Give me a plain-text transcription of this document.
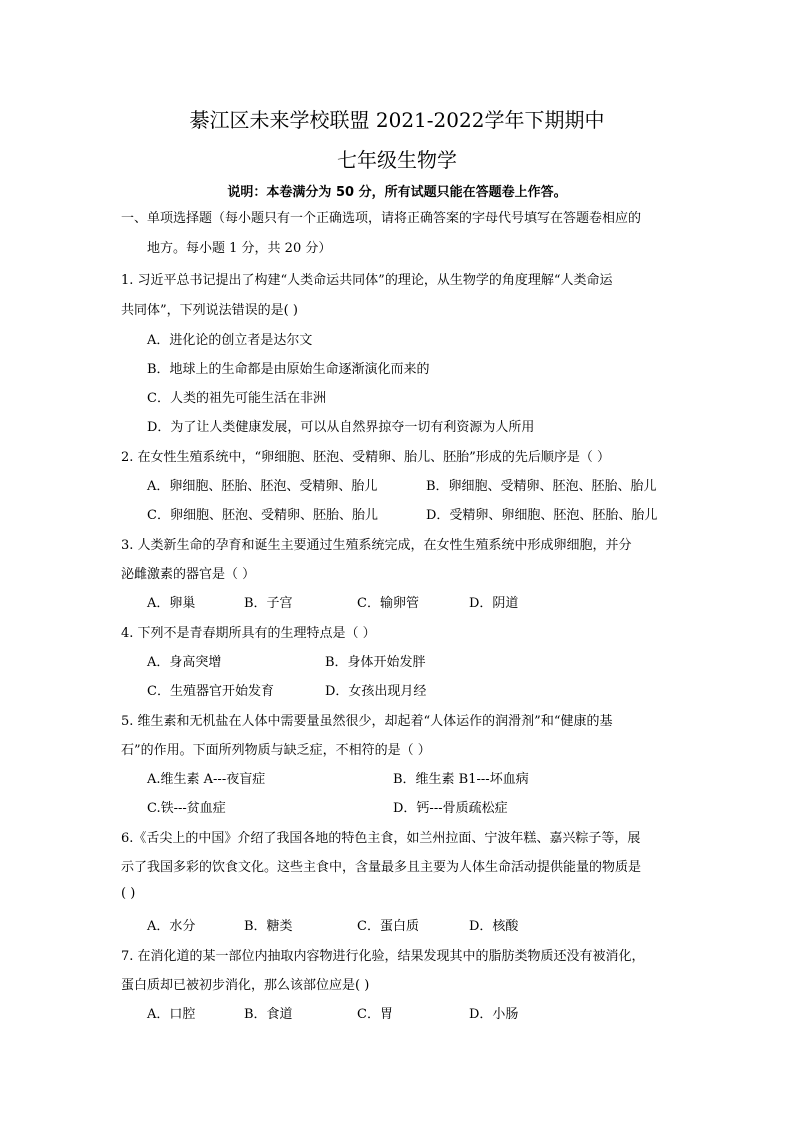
綦江区未来学校联盟 2021-2022学年下期期中
七年级生物学
说明：本卷满分为 50 分，所有试题只能在答题卷上作答。
一、单项选择题（每小题只有一个正确选项，请将正确答案的字母代号填写在答题卷相应的
地方。每小题 1 分，共 20 分）
1. 习近平总书记提出了构建“人类命运共同体”的理论，从生物学的角度理解“人类命运
共同体”，下列说法错误的是( )
A．进化论的创立者是达尔文
B．地球上的生命都是由原始生命逐渐演化而来的
C．人类的祖先可能生活在非洲
D．为了让人类健康发展，可以从自然界掠夺一切有利资源为人所用
2. 在女性生殖系统中，“卵细胞、胚泡、受精卵、胎儿、胚胎”形成的先后顺序是（ ）
A．卵细胞、胚胎、胚泡、受精卵、胎儿	B．卵细胞、受精卵、胚泡、胚胎、胎儿
C．卵细胞、胚泡、受精卵、胚胎、胎儿	D．受精卵、卵细胞、胚泡、胚胎、胎儿
3. 人类新生命的孕育和诞生主要通过生殖系统完成，在女性生殖系统中形成卵细胞，并分
泌雌激素的器官是（ ）
A．卵巢	B．子宫	C．输卵管	D．阴道
4. 下列不是青春期所具有的生理特点是（ ）
A．身高突增	B．身体开始发胖
C．生殖器官开始发育	D．女孩出现月经
5. 维生素和无机盐在人体中需要量虽然很少，却起着“人体运作的润滑剂”和“健康的基
石”的作用。下面所列物质与缺乏症，不相符的是（ ）
A.维生素 A---夜盲症	B．维生素 B1---坏血病
C.铁---贫血症	D．钙---骨质疏松症
6.《舌尖上的中国》介绍了我国各地的特色主食，如兰州拉面、宁波年糕、嘉兴粽子等，展
示了我国多彩的饮食文化。这些主食中，含量最多且主要为人体生命活动提供能量的物质是
( )
A．水分	B．糖类	C．蛋白质	D．核酸
7. 在消化道的某一部位内抽取内容物进行化验，结果发现其中的脂肪类物质还没有被消化，
蛋白质却已被初步消化，那么该部位应是( )
A．口腔	B．食道	C．胃	D．小肠
